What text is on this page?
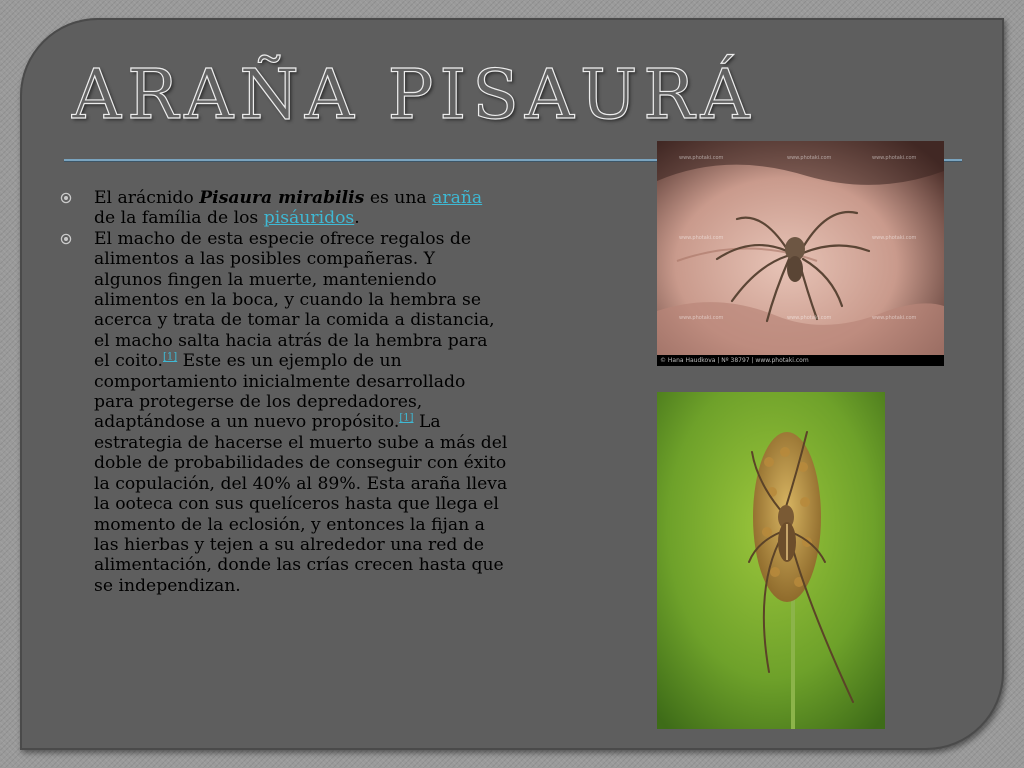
ARAÑA PISAURÁ
El arácnido Pisaura mirabilis es una araña de la família de los pisáuridos.
El macho de esta especie ofrece regalos de alimentos a las posibles compañeras. Y algunos fingen la muerte, manteniendo alimentos en la boca, y cuando la hembra se acerca y trata de tomar la comida a distancia, el macho salta hacia atrás de la hembra para el coito.[1] Este es un ejemplo de un comportamiento inicialmente desarrollado para protegerse de los depredadores, adaptándose a un nuevo propósito.[1] La estrategia de hacerse el muerto sube a más del doble de probabilidades de conseguir con éxito la copulación, del 40% al 89%. Esta araña lleva la ooteca con sus quelíceros hasta que llega el momento de la eclosión, y entonces la fijan a las hierbas y tejen a su alrededor una red de alimentación, donde las crías crecen hasta que se independizan.
www.photaki.com	www.photaki.com	www.photaki.com
www.photaki.com	www.photaki.com
www.photaki.com	www.photaki.com	www.photaki.com
© Hana Haudkova | Nº 38797 | www.photaki.com
